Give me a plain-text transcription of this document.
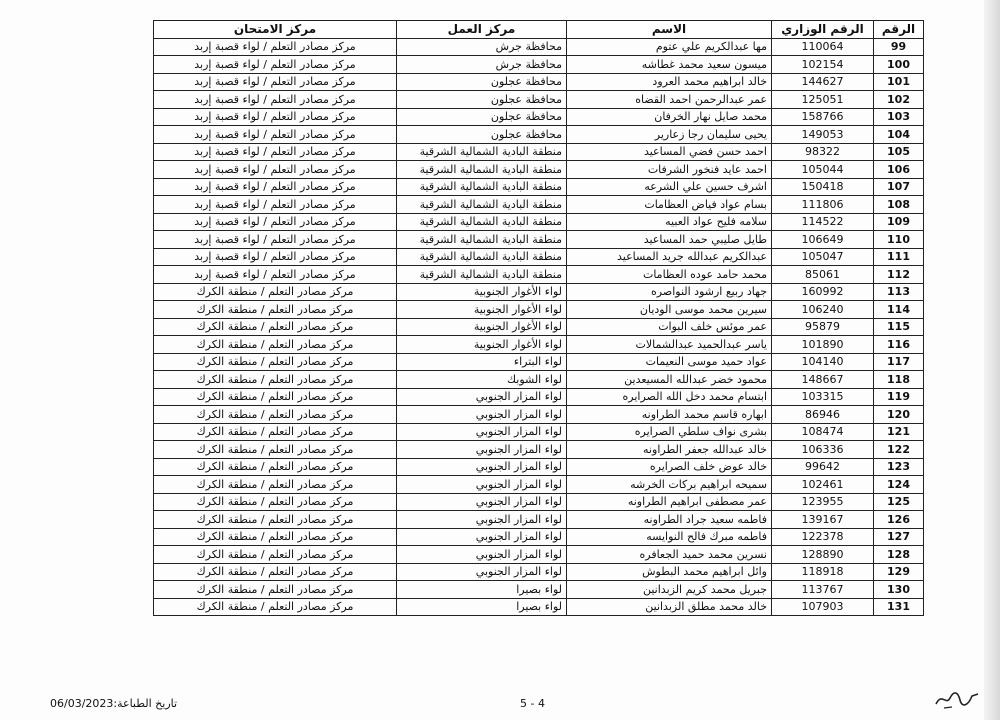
الرقم	الرقم الوزاري	الاسم	مركز العمل	مركز الامتحان
99	110064	مها عبدالكريم علي عتوم	محافظة جرش	مركز مصادر التعلم / لواء قصبة إربد
100	102154	ميسون سعيد محمد غطاشه	محافظة جرش	مركز مصادر التعلم / لواء قصبة إربد
101	144627	خالد ابراهيم محمد العرود	محافظة عجلون	مركز مصادر التعلم / لواء قصبة إربد
102	125051	عمر عبدالرحمن احمد القضاه	محافظة عجلون	مركز مصادر التعلم / لواء قصبة إربد
103	158766	محمد صايل نهار الخرفان	محافظة عجلون	مركز مصادر التعلم / لواء قصبة إربد
104	149053	يحيى سليمان رجا زعارير	محافظة عجلون	مركز مصادر التعلم / لواء قصبة إربد
105	98322	احمد حسن فضي المساعيد	منطقة البادية الشمالية الشرقية	مركز مصادر التعلم / لواء قصبة إربد
106	105044	احمد عايد فنخور الشرفات	منطقة البادية الشمالية الشرقية	مركز مصادر التعلم / لواء قصبة إربد
107	150418	اشرف حسين علي الشرعه	منطقة البادية الشمالية الشرقية	مركز مصادر التعلم / لواء قصبة إربد
108	111806	بسام عواد فياض العظامات	منطقة البادية الشمالية الشرقية	مركز مصادر التعلم / لواء قصبة إربد
109	114522	سلامه فليح عواد العبيه	منطقة البادية الشمالية الشرقية	مركز مصادر التعلم / لواء قصبة إربد
110	106649	طايل صليبي حمد المساعيد	منطقة البادية الشمالية الشرقية	مركز مصادر التعلم / لواء قصبة إربد
111	105047	عبدالكريم عبدالله جريد المساعيد	منطقة البادية الشمالية الشرقية	مركز مصادر التعلم / لواء قصبة إربد
112	85061	محمد حامد عوده العظامات	منطقة البادية الشمالية الشرقية	مركز مصادر التعلم / لواء قصبة إربد
113	160992	جهاد ربيع ارشود النواصره	لواء الأغوار الجنوبية	مركز مصادر التعلم / منطقة الكرك
114	106240	سيرين محمد موسى الوديان	لواء الأغوار الجنوبية	مركز مصادر التعلم / منطقة الكرك
115	95879	عمر موئس خلف البوات	لواء الأغوار الجنوبية	مركز مصادر التعلم / منطقة الكرك
116	101890	ياسر عبدالحميد عبدالشمالات	لواء الأغوار الجنوبية	مركز مصادر التعلم / منطقة الكرك
117	104140	عواد حميد موسى النعيمات	لواء البتراء	مركز مصادر التعلم / منطقة الكرك
118	148667	محمود خضر عبدالله المسيعدين	لواء الشوبك	مركز مصادر التعلم / منطقة الكرك
119	103315	ابتسام محمد دخل الله الصرايره	لواء المزار الجنوبي	مركز مصادر التعلم / منطقة الكرك
120	86946	ابهاره قاسم محمد الطراونه	لواء المزار الجنوبي	مركز مصادر التعلم / منطقة الكرك
121	108474	بشرى نواف سلطي الصرايره	لواء المزار الجنوبي	مركز مصادر التعلم / منطقة الكرك
122	106336	خالد عبدالله جعفر الطراونه	لواء المزار الجنوبي	مركز مصادر التعلم / منطقة الكرك
123	99642	خالد عوض خلف الصرايره	لواء المزار الجنوبي	مركز مصادر التعلم / منطقة الكرك
124	102461	سميحه ابراهيم بركات الخرشه	لواء المزار الجنوبي	مركز مصادر التعلم / منطقة الكرك
125	123955	عمر مصطفى ابراهيم الطراونه	لواء المزار الجنوبي	مركز مصادر التعلم / منطقة الكرك
126	139167	فاطمه سعيد جراد الطراونه	لواء المزار الجنوبي	مركز مصادر التعلم / منطقة الكرك
127	122378	فاطمه مبرك فالح النوايسه	لواء المزار الجنوبي	مركز مصادر التعلم / منطقة الكرك
128	128890	نسرين محمد حميد الجعافره	لواء المزار الجنوبي	مركز مصادر التعلم / منطقة الكرك
129	118918	وائل ابراهيم محمد البطوش	لواء المزار الجنوبي	مركز مصادر التعلم / منطقة الكرك
130	113767	جبريل محمد كريم الزبدانين	لواء بصيرا	مركز مصادر التعلم / منطقة الكرك
131	107903	خالد محمد مطلق الزبدانين	لواء بصيرا	مركز مصادر التعلم / منطقة الكرك
تاريخ الطباعة:06/03/2023	5 - 4
